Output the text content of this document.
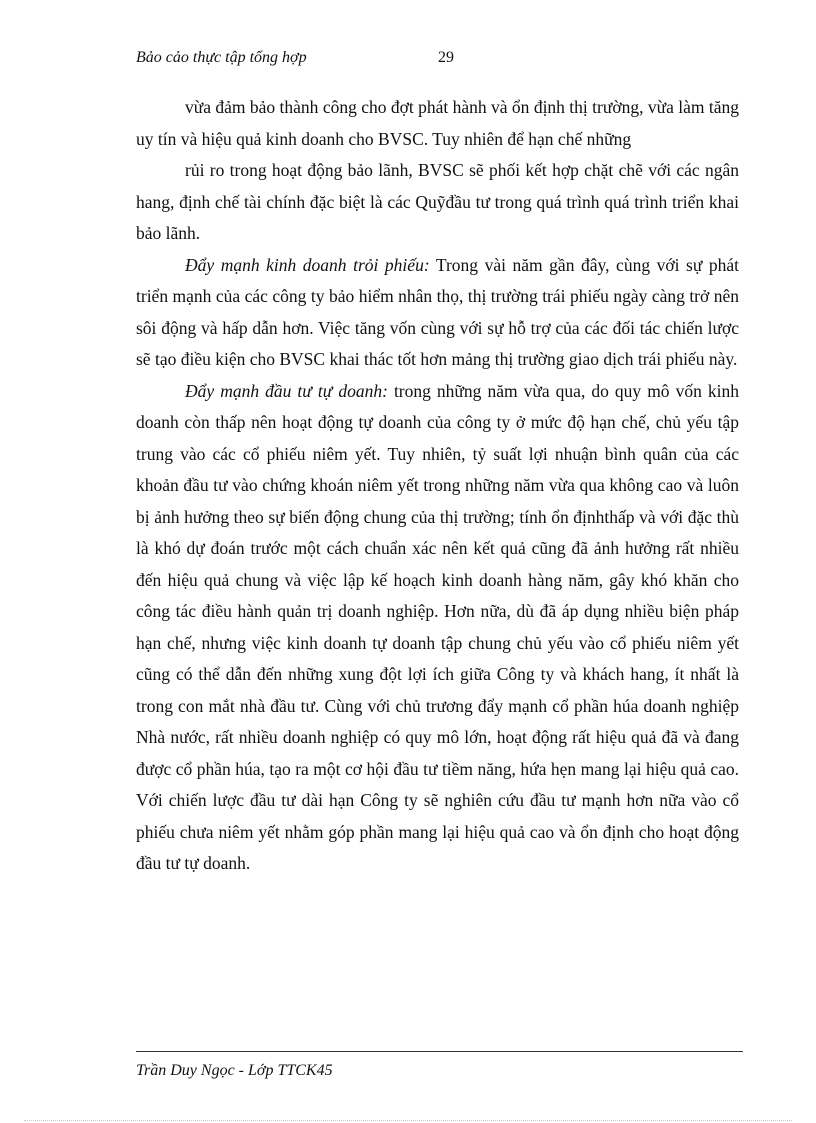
Bảo cảo thực tập tổng hợp	29

vừa đảm bảo thành công cho đợt phát hành và ổn định thị trường, vừa làm tăng uy tín và hiệu quả kinh doanh cho BVSC. Tuy nhiên để hạn chế những

rủi ro trong hoạt động bảo lãnh, BVSC sẽ phối kết hợp chặt chẽ với các ngân hang, định chế tài chính đặc biệt là các Quỹđầu tư trong quá trình quá trình triển khai bảo lãnh.

Đẩy mạnh kinh doanh trỏi phiếu: Trong vài năm gần đây, cùng với sự phát triển mạnh của các công ty bảo hiểm nhân thọ, thị trường trái phiếu ngày càng trở nên sôi động và hấp dẫn hơn. Việc tăng vốn cùng với sự hỗ trợ của các đối tác chiến lược sẽ tạo điều kiện cho BVSC khai thác tốt hơn mảng thị trường giao dịch trái phiếu này.

Đẩy mạnh đầu tư tự doanh: trong những năm vừa qua, do quy mô vốn kinh doanh còn thấp nên hoạt động tự doanh của công ty ở mức độ hạn chế, chủ yếu tập trung vào các cổ phiếu niêm yết. Tuy nhiên, tỷ suất lợi nhuận bình quân của các khoản đầu tư vào chứng khoán niêm yết trong những năm vừa qua không cao và luôn bị ảnh hưởng theo sự biến động chung của thị trường; tính ổn địnhthấp và với đặc thù là khó dự đoán trước một cách chuẩn xác nên kết quả cũng đã ảnh hưởng rất nhiều đến hiệu quả chung và việc lập kế hoạch kinh doanh hàng năm, gây khó khăn cho công tác điều hành quản trị doanh nghiệp. Hơn nữa, dù đã áp dụng nhiều biện pháp hạn chế, nhưng việc kinh doanh tự doanh tập chung chủ yếu vào cổ phiếu niêm yết cũng có thể dẫn đến những xung đột lợi ích giữa Công ty và khách hang, ít nhất là trong con mắt nhà đầu tư. Cùng với chủ trương đẩy mạnh cổ phần húa doanh nghiệp Nhà nước, rất nhiều doanh nghiệp có quy mô lớn, hoạt động rất hiệu quả đã và đang được cổ phần húa, tạo ra một cơ hội đầu tư tiềm năng, hứa hẹn mang lại hiệu quả cao. Với chiến lược đầu tư dài hạn Công ty sẽ nghiên cứu đầu tư mạnh hơn nữa vào cổ phiếu chưa niêm yết nhằm góp phần mang lại hiệu quả cao và ổn định cho hoạt động đầu tư tự doanh.

Trần Duy Ngọc - Lớp TTCK45
